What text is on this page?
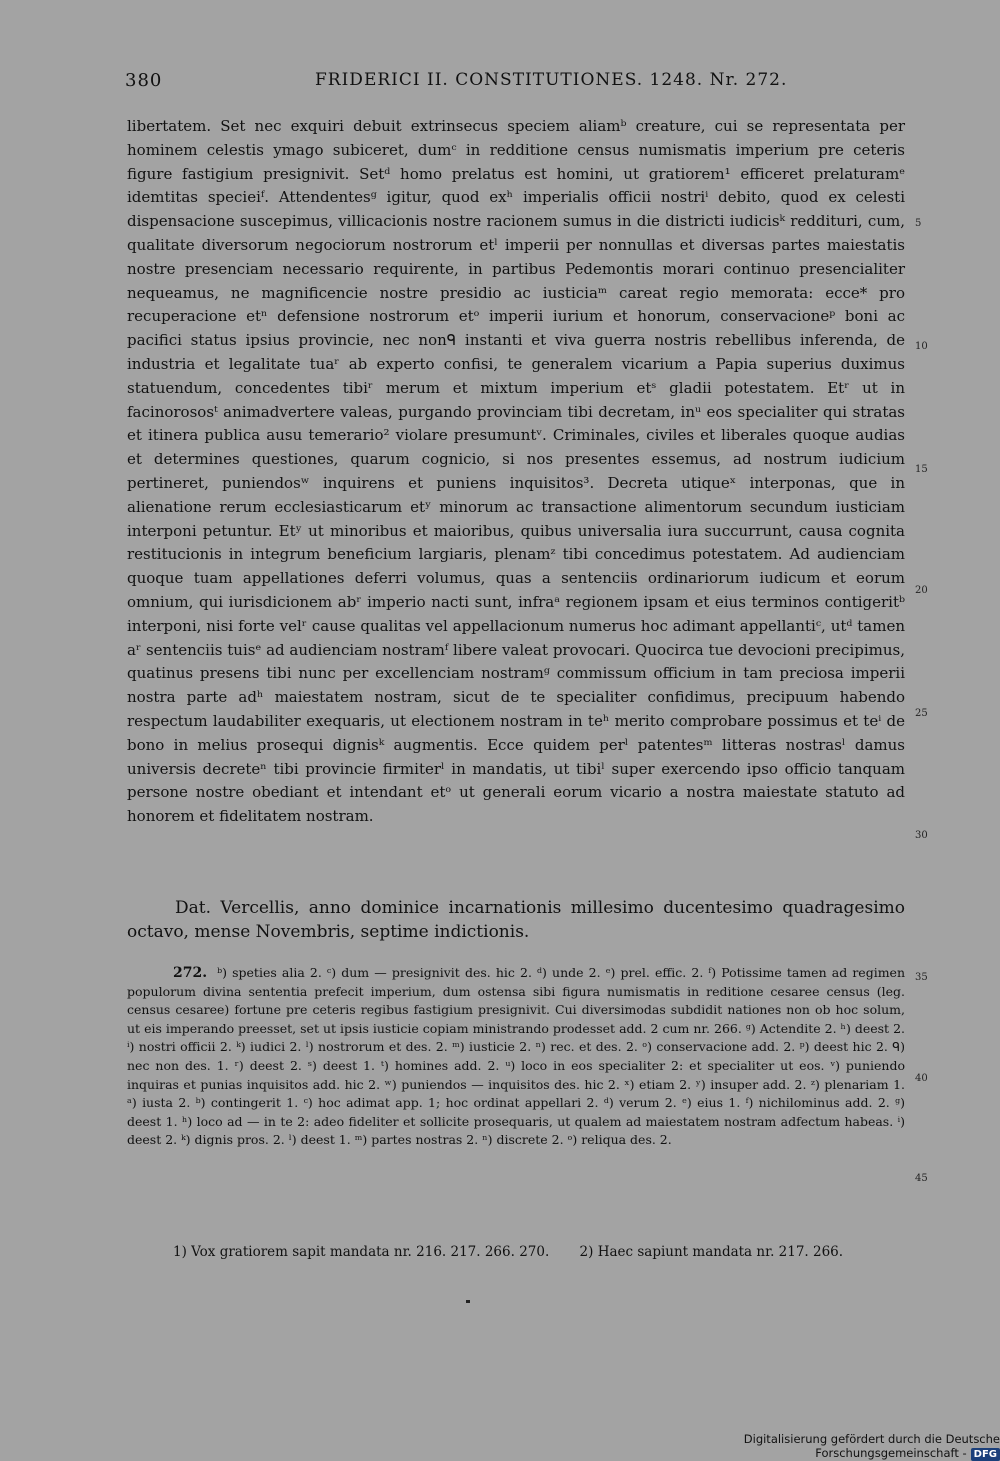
380	FRIDERICI II. CONSTITUTIONES. 1248. Nr. 272.

libertatem. Set nec exquiri debuit extrinsecus speciem aliamᵇ creature, cui se representata per hominem celestis ymago subiceret, dumᶜ in redditione census numismatis imperium pre ceteris figure fastigium presignivit. Setᵈ homo prelatus est homini, ut gratiorem¹ efficeret prelaturamᵉ idemtitas specieiᶠ. Attendentesᵍ igitur, quod exʰ imperialis officii nostriⁱ debito, quod ex celesti dispensacione suscepimus, villicacionis nostre racionem sumus in die districti iudicisᵏ reddituri, cum, qualitate diversorum negociorum nostrorum etˡ imperii per nonnullas et diversas partes maiestatis nostre presenciam necessario requirente, in partibus Pedemontis morari continuo presencialiter nequeamus, ne magnificencie nostre presidio ac iusticiaᵐ careat regio memorata: ecce* pro recuperacione etⁿ defensione nostrorum etᵒ imperii iurium et honorum, conservacioneᵖ boni ac pacifici status ipsius provincie, nec nonᑫ instanti et viva guerra nostris rebellibus inferenda, de industria et legalitate tuaʳ ab experto confisi, te generalem vicarium a Papia superius duximus statuendum, concedentes tibiʳ merum et mixtum imperium etˢ gladii potestatem. Etʳ ut in facinorososᵗ animadvertere valeas, purgando provinciam tibi decretam, inᵘ eos specialiter qui stratas et itinera publica ausu temerario² violare presumuntᵛ. Criminales, civiles et liberales quoque audias et determines questiones, quarum cognicio, si nos presentes essemus, ad nostrum iudicium pertineret, puniendosʷ inquirens et puniens inquisitos³. Decreta utiqueˣ interponas, que in alienatione rerum ecclesiasticarum etʸ minorum ac transactione alimentorum secundum iusticiam interponi petuntur. Etʸ ut minoribus et maioribus, quibus universalia iura succurrunt, causa cognita restitucionis in integrum beneficium largiaris, plenamᶻ tibi concedimus potestatem. Ad audienciam quoque tuam appellationes deferri volumus, quas a sentenciis ordinariorum iudicum et eorum omnium, qui iurisdicionem abʳ imperio nacti sunt, infraᵃ regionem ipsam et eius terminos contigeritᵇ interponi, nisi forte velʳ cause qualitas vel appellacionum numerus hoc adimant appellantiᶜ, utᵈ tamen aʳ sentenciis tuisᵉ ad audienciam nostramᶠ libere valeat provocari. Quocirca tue devocioni precipimus, quatinus presens tibi nunc per excellenciam nostramᵍ commissum officium in tam preciosa imperii nostra parte adʰ maiestatem nostram, sicut de te specialiter confidimus, precipuum habendo respectum laudabiliter exequaris, ut electionem nostram in teʰ merito comprobare possimus et teⁱ de bono in melius prosequi dignisᵏ augmentis. Ecce quidem perˡ patentesᵐ litteras nostrasˡ damus universis decreteⁿ tibi provincie firmiterˡ in mandatis, ut tibiˡ super exercendo ipso officio tanquam persone nostre obediant et intendant etᵒ ut generali eorum vicario a nostra maiestate statuto ad honorem et fidelitatem nostram.

Dat. Vercellis, anno dominice incarnationis millesimo ducentesimo quadragesimo octavo, mense Novembris, septime indictionis.

5
10
15
20
25
30
35
40
45

272. ᵇ) speties alia 2. ᶜ) dum — presignivit des. hic 2. ᵈ) unde 2. ᵉ) prel. effic. 2. ᶠ) Potissime tamen ad regimen populorum divina sententia prefecit imperium, dum ostensa sibi figura numismatis in reditione cesaree census (leg. census cesaree) fortune pre ceteris regibus fastigium presignivit. Cui diversimodas subdidit nationes non ob hoc solum, ut eis imperando preesset, set ut ipsis iusticie copiam ministrando prodesset add. 2 cum nr. 266. ᵍ) Actendite 2. ʰ) deest 2. ⁱ) nostri officii 2. ᵏ) iudici 2. ˡ) nostrorum et des. 2. ᵐ) iusticie 2. ⁿ) rec. et des. 2. ᵒ) conservacione add. 2. ᵖ) deest hic 2. ᑫ) nec non des. 1. ʳ) deest 2. ˢ) deest 1. ᵗ) homines add. 2. ᵘ) loco in eos specialiter 2: et specialiter ut eos. ᵛ) puniendo inquiras et punias inquisitos add. hic 2. ʷ) puniendos — inquisitos des. hic 2. ˣ) etiam 2. ʸ) insuper add. 2. ᶻ) plenariam 1. ᵃ) iusta 2. ᵇ) contingerit 1. ᶜ) hoc adimat app. 1; hoc ordinat appellari 2. ᵈ) verum 2. ᵉ) eius 1. ᶠ) nichilominus add. 2. ᵍ) deest 1. ʰ) loco ad — in te 2: adeo fideliter et sollicite prosequaris, ut qualem ad maiestatem nostram adfectum habeas. ⁱ) deest 2. ᵏ) dignis pros. 2. ˡ) deest 1. ᵐ) partes nostras 2. ⁿ) discrete 2. ᵒ) reliqua des. 2.

1) Vox gratiorem sapit mandata nr. 216. 217. 266. 270. 2) Haec sapiunt mandata nr. 217. 266.
Digitalisierung gefördert durch die Deutsche Forschungsgemeinschaft - DFG
